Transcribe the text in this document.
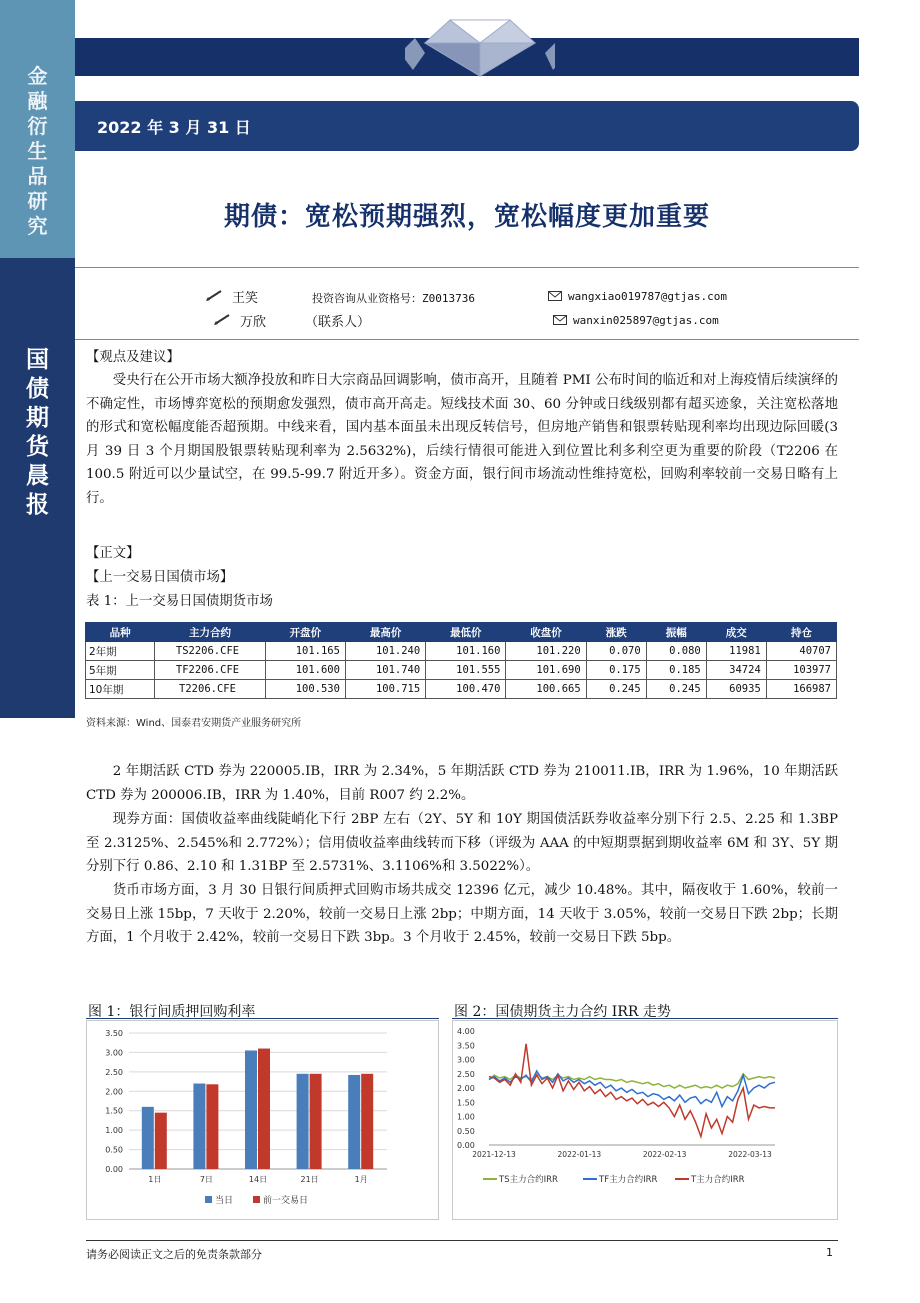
金
融
衍
生
品
研
究
国
债
期
货
晨
报
2022 年 3 月 31 日
期债：宽松预期强烈，宽松幅度更加重要
王笑	投资咨询从业资格号：Z0013736	wangxiao019787@gtjas.com
万欣	（联系人）	wanxin025897@gtjas.com
【观点及建议】
受央行在公开市场大额净投放和昨日大宗商品回调影响，债市高开，且随着 PMI 公布时间的临近和对上海疫情后续演绎的不确定性，市场博弈宽松的预期愈发强烈，债市高开高走。短线技术面 30、60 分钟或日线级别都有超买迹象，关注宽松落地的形式和宽松幅度能否超预期。中线来看，国内基本面虽未出现反转信号，但房地产销售和银票转贴现利率均出现边际回暖(3 月 39 日 3 个月期国股银票转贴现利率为 2.5632%)，后续行情很可能进入到位置比利多利空更为重要的阶段（T2206 在 100.5 附近可以少量试空，在 99.5-99.7 附近开多）。资金方面，银行间市场流动性维持宽松，回购利率较前一交易日略有上行。
【正文】
【上一交易日国债市场】
表 1：上一交易日国债期货市场
品种	主力合约	开盘价	最高价	最低价	收盘价	涨跌	振幅	成交	持仓
2年期	TS2206.CFE	101.165	101.240	101.160	101.220	0.070	0.080	11981	40707
5年期	TF2206.CFE	101.600	101.740	101.555	101.690	0.175	0.185	34724	103977
10年期	T2206.CFE	100.530	100.715	100.470	100.665	0.245	0.245	60935	166987
资料来源：Wind、国泰君安期货产业服务研究所
2 年期活跃 CTD 券为 220005.IB，IRR 为 2.34%，5 年期活跃 CTD 券为 210011.IB，IRR 为 1.96%，10 年期活跃 CTD 券为 200006.IB，IRR 为 1.40%，目前 R007 约 2.2%。
现券方面：国债收益率曲线陡峭化下行 2BP 左右（2Y、5Y 和 10Y 期国债活跃券收益率分别下行 2.5、2.25 和 1.3BP 至 2.3125%、2.545%和 2.772%）；信用债收益率曲线转而下移（评级为 AAA 的中短期票据到期收益率 6M 和 3Y、5Y 期分别下行 0.86、2.10 和 1.31BP 至 2.5731%、3.1106%和 3.5022%）。
货币市场方面，3 月 30 日银行间质押式回购市场共成交 12396 亿元，减少 10.48%。其中，隔夜收于 1.60%，较前一交易日上涨 15bp，7 天收于 2.20%，较前一交易日上涨 2bp；中期方面，14 天收于 3.05%，较前一交易日下跌 2bp；长期方面，1 个月收于 2.42%，较前一交易日下跌 3bp。3 个月收于 2.45%，较前一交易日下跌 5bp。
图 1：银行间质押回购利率	图 2：国债期货主力合约 IRR 走势
0.00
0.50
1.00
1.50
2.00
2.50
3.00
3.50
1日	7日	14日	21日	1月
当日	前一交易日
0.00
0.50
1.00
1.50
2.00
2.50
3.00
3.50
4.00
2021-12-13	2022-01-13	2022-02-13	2022-03-13
TS主力合约IRR	TF主力合约IRR	T主力合约IRR
请务必阅读正文之后的免责条款部分	1
